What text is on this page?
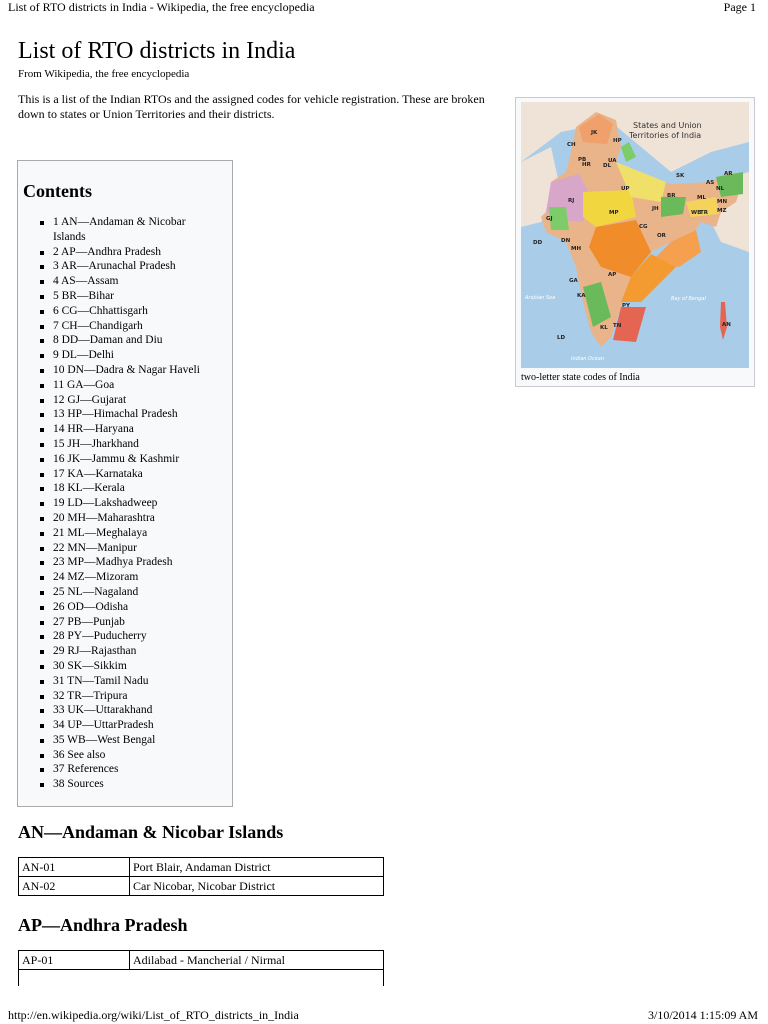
List of RTO districts in India - Wikipedia, the free encyclopedia	Page 1
List of RTO districts in India
From Wikipedia, the free encyclopedia
This is a list of the Indian RTOs and the assigned codes for vehicle registration. These are broken down to states or Union Territories and their districts.
States and Union
Territories of India
Arabian Sea	Bay of Bengal
Indian Ocean
JK
HP
CH
PB	UA
HR DL
RJ
UP
AR
SK
AS
NL
BR	ML
MN
GJ
MP
JH
WB
TR MZ
DD	DN
CG
OR
MH
AP
GA
KA
PY
KL TN
LD
AN
two-letter state codes of India
Contents
1 AN—Andaman & Nicobar Islands
2 AP—Andhra Pradesh
3 AR—Arunachal Pradesh
4 AS—Assam
5 BR—Bihar
6 CG—Chhattisgarh
7 CH—Chandigarh
8 DD—Daman and Diu
9 DL—Delhi
10 DN—Dadra & Nagar Haveli
11 GA—Goa
12 GJ—Gujarat
13 HP—Himachal Pradesh
14 HR—Haryana
15 JH—Jharkhand
16 JK—Jammu & Kashmir
17 KA—Karnataka
18 KL—Kerala
19 LD—Lakshadweep
20 MH—Maharashtra
21 ML—Meghalaya
22 MN—Manipur
23 MP—Madhya Pradesh
24 MZ—Mizoram
25 NL—Nagaland
26 OD—Odisha
27 PB—Punjab
28 PY—Puducherry
29 RJ—Rajasthan
30 SK—Sikkim
31 TN—Tamil Nadu
32 TR—Tripura
33 UK—Uttarakhand
34 UP—UttarPradesh
35 WB—West Bengal
36 See also
37 References
38 Sources
AN—Andaman & Nicobar Islands
AN-01	Port Blair, Andaman District
AN-02	Car Nicobar, Nicobar District
AP—Andhra Pradesh
AP-01	Adilabad - Mancherial / Nirmal
http://en.wikipedia.org/wiki/List_of_RTO_districts_in_India	3/10/2014 1:15:09 AM
